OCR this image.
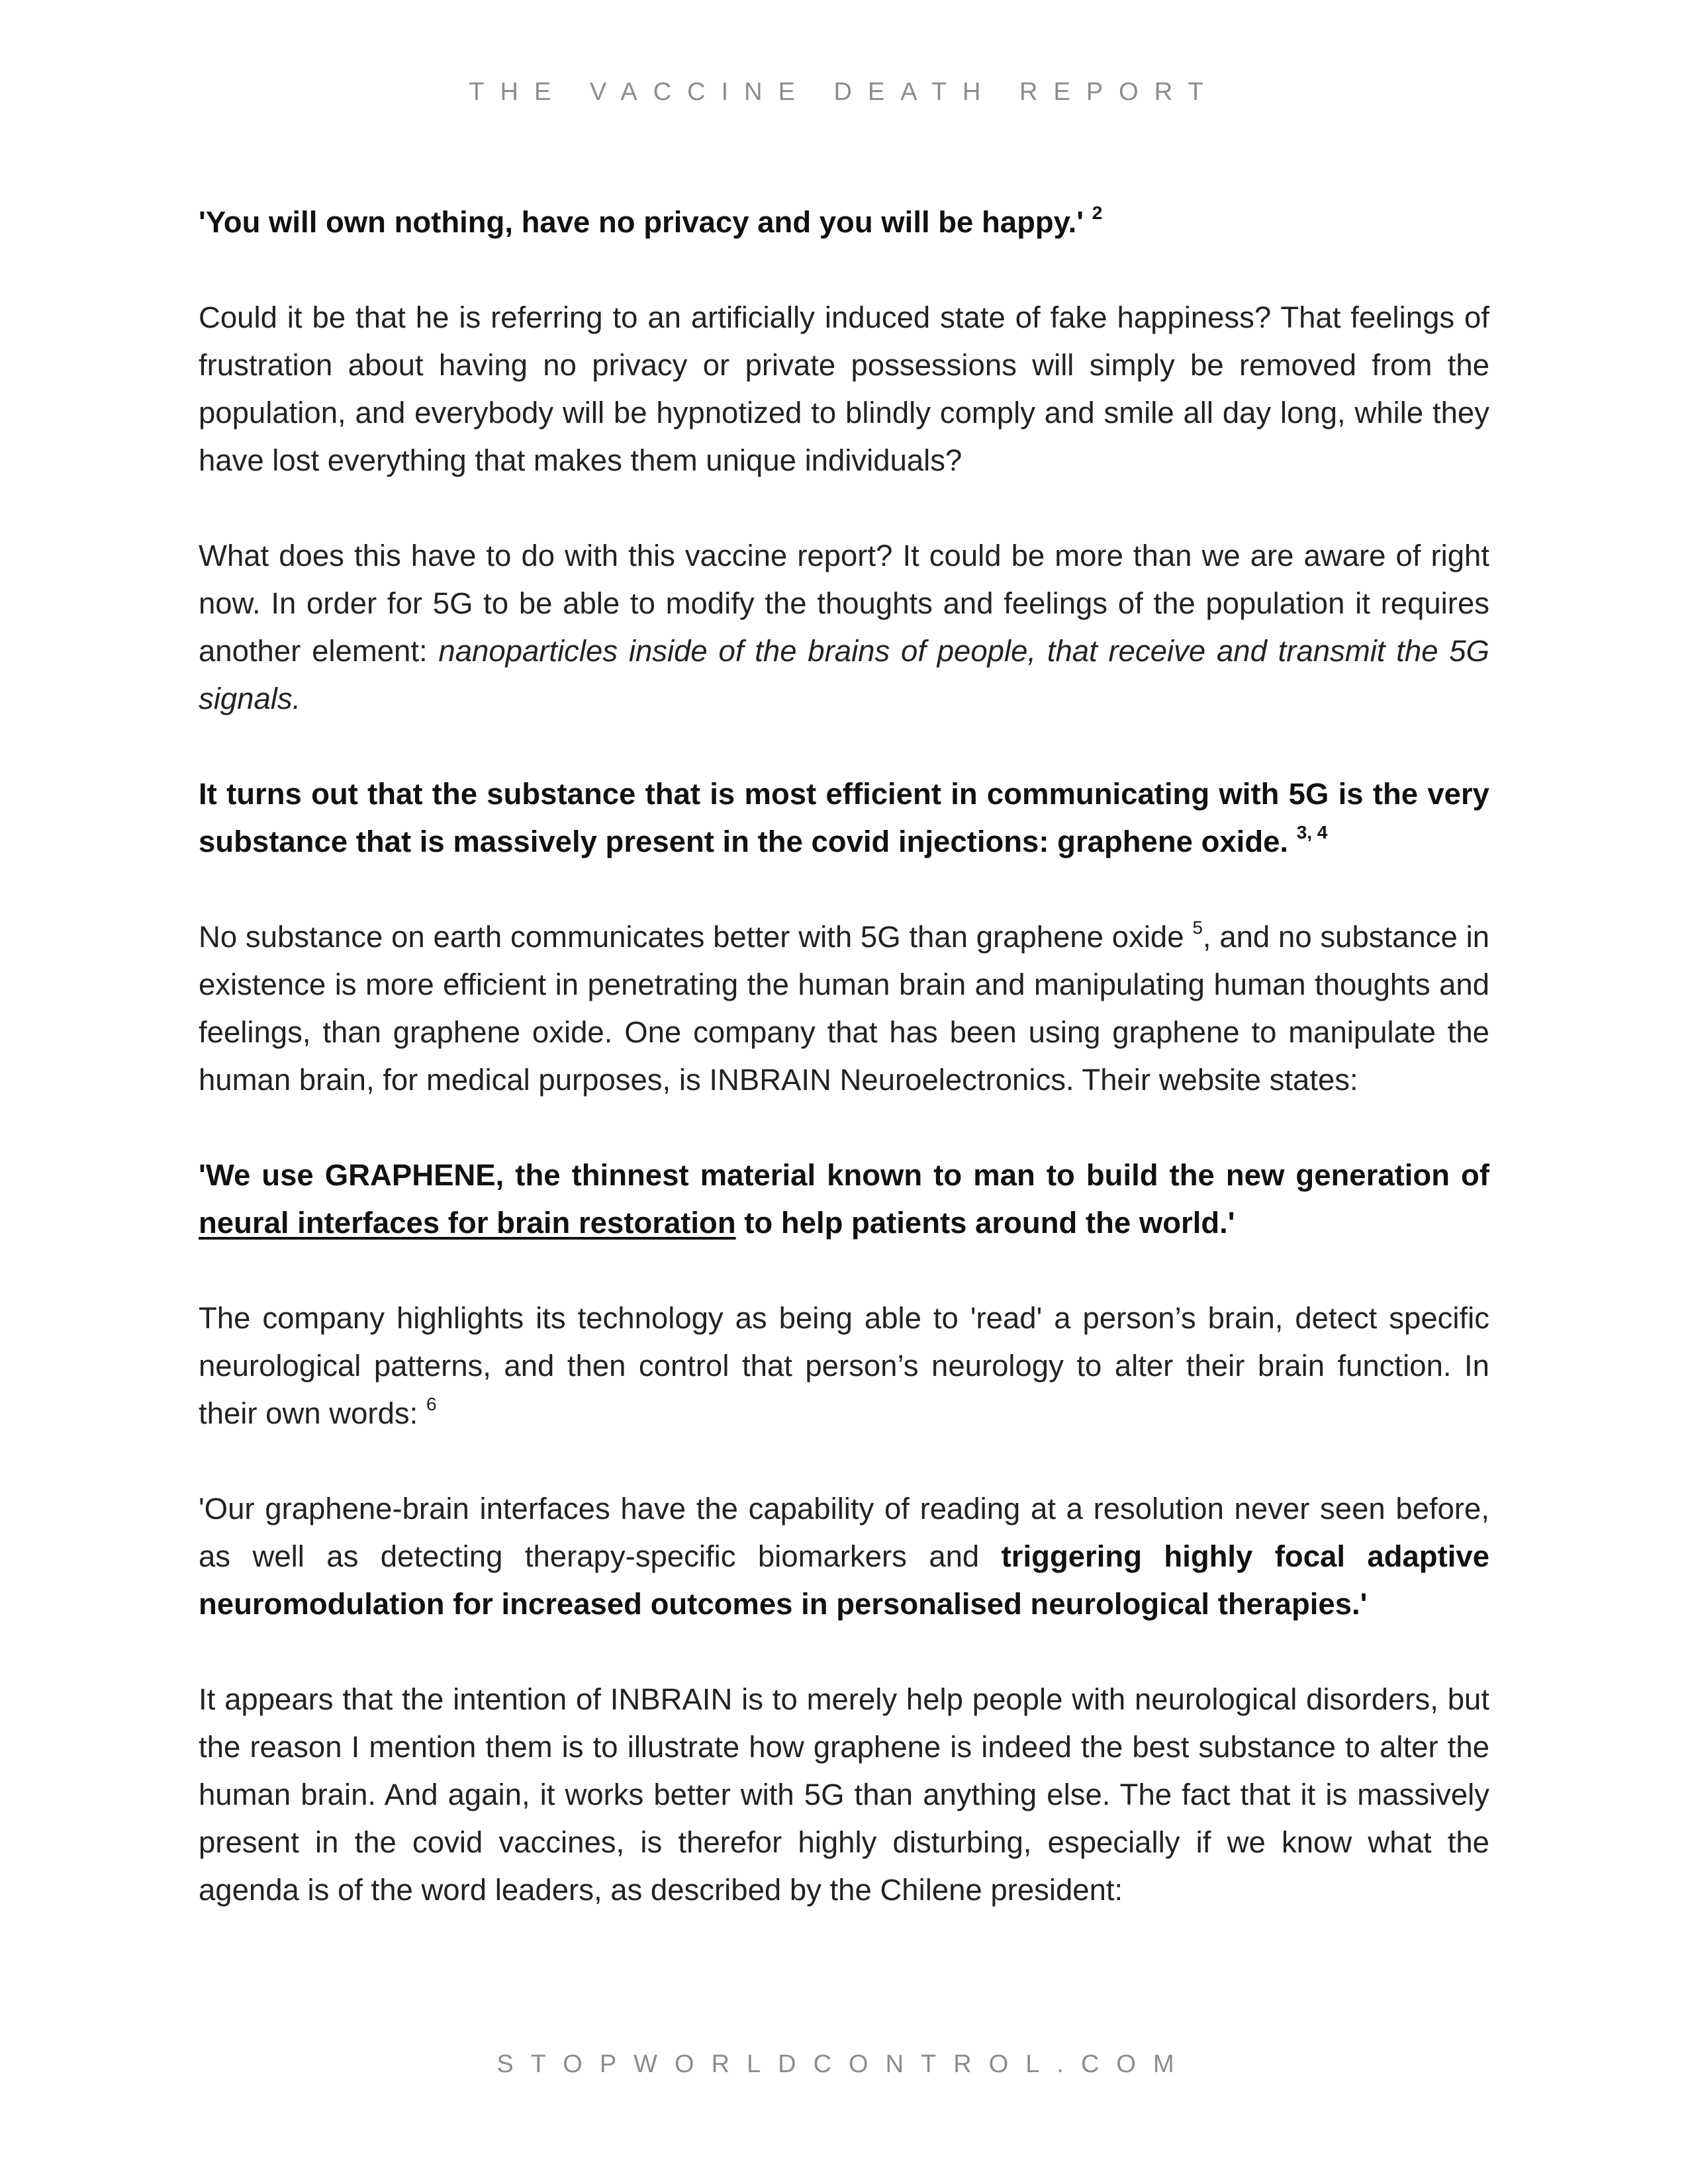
THE VACCINE DEATH REPORT

'You will own nothing, have no privacy and you will be happy.' $^2$

Could it be that he is referring to an artificially induced state of fake happiness? That feelings of frustration about having no privacy or private possessions will simply be removed from the population, and everybody will be hypnotized to blindly comply and smile all day long, while they have lost everything that makes them unique individuals?

What does this have to do with this vaccine report? It could be more than we are aware of right now. In order for 5G to be able to modify the thoughts and feelings of the population it requires another element: nanoparticles inside of the brains of people, that receive and transmit the 5G signals.

It turns out that the substance that is most efficient in communicating with 5G is the very substance that is massively present in the covid injections: graphene oxide. $^{3, 4}$

No substance on earth communicates better with 5G than graphene oxide $^5$, and no substance in existence is more efficient in penetrating the human brain and manipulating human thoughts and feelings, than graphene oxide. One company that has been using graphene to manipulate the human brain, for medical purposes, is INBRAIN Neuroelectronics. Their website states:

'We use GRAPHENE, the thinnest material known to man to build the new generation of neural interfaces for brain restoration to help patients around the world.'

The company highlights its technology as being able to 'read' a person’s brain, detect specific neurological patterns, and then control that person’s neurology to alter their brain function. In their own words: $^6$

'Our graphene-brain interfaces have the capability of reading at a resolution never seen before, as well as detecting therapy-specific biomarkers and triggering highly focal adaptive neuromodulation for increased outcomes in personalised neurological therapies.'

It appears that the intention of INBRAIN is to merely help people with neurological disorders, but the reason I mention them is to illustrate how graphene is indeed the best substance to alter the human brain. And again, it works better with 5G than anything else. The fact that it is massively present in the covid vaccines, is therefor highly disturbing, especially if we know what the agenda is of the word leaders, as described by the Chilene president:

STOPWORLDCONTROL.COM
